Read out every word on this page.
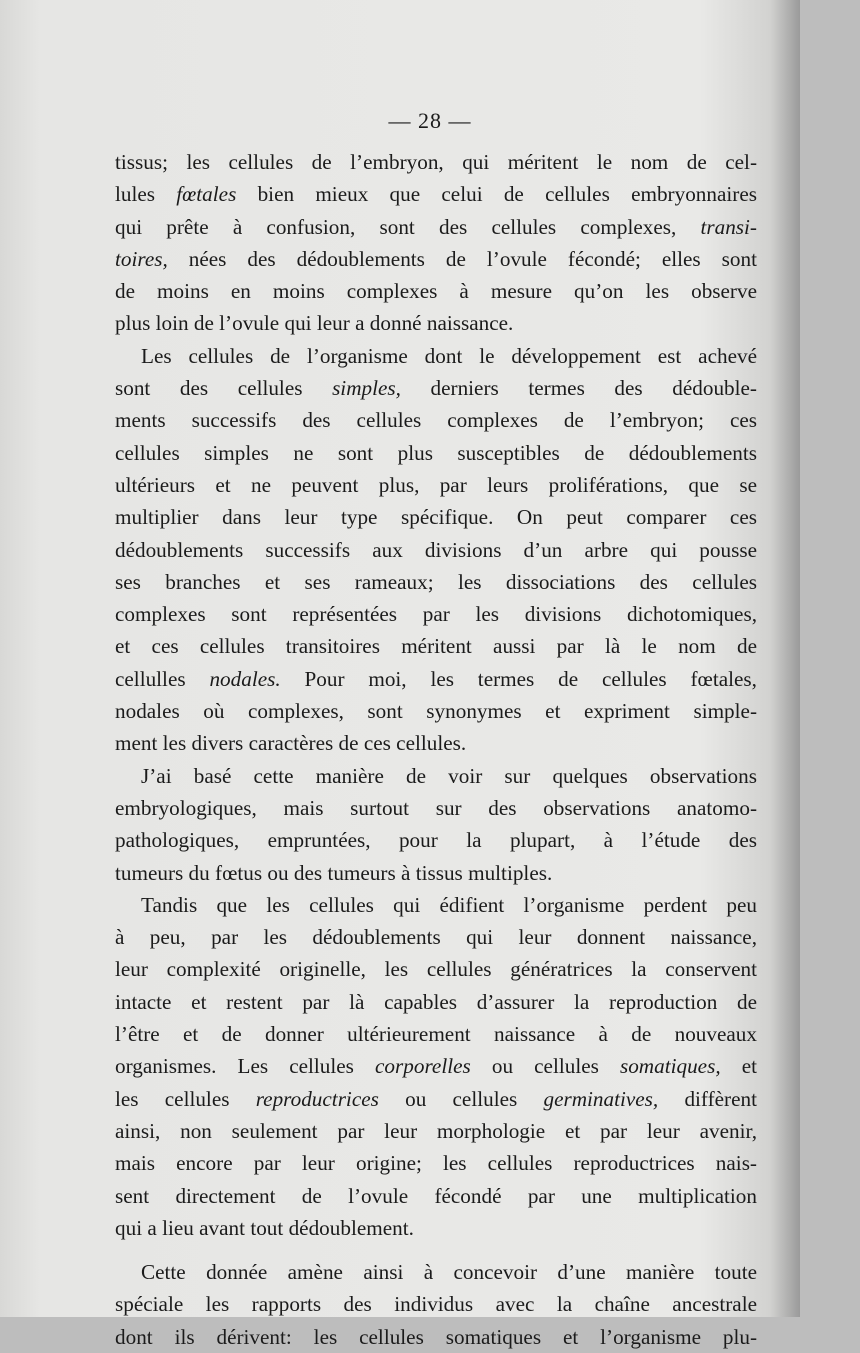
— 28 —
tissus; les cellules de l’embryon, qui méritent le nom de cel-
lules fœtales bien mieux que celui de cellules embryonnaires
qui prête à confusion, sont des cellules complexes, transi-
toires, nées des dédoublements de l’ovule fécondé; elles sont
de moins en moins complexes à mesure qu’on les observe
plus loin de l’ovule qui leur a donné naissance.
Les cellules de l’organisme dont le développement est achevé
sont des cellules simples, derniers termes des dédouble-
ments successifs des cellules complexes de l’embryon; ces
cellules simples ne sont plus susceptibles de dédoublements
ultérieurs et ne peuvent plus, par leurs proliférations, que se
multiplier dans leur type spécifique. On peut comparer ces
dédoublements successifs aux divisions d’un arbre qui pousse
ses branches et ses rameaux; les dissociations des cellules
complexes sont représentées par les divisions dichotomiques,
et ces cellules transitoires méritent aussi par là le nom de
cellulles nodales. Pour moi, les termes de cellules fœtales,
nodales où complexes, sont synonymes et expriment simple-
ment les divers caractères de ces cellules.
J’ai basé cette manière de voir sur quelques observations
embryologiques, mais surtout sur des observations anatomo-
pathologiques, empruntées, pour la plupart, à l’étude des
tumeurs du fœtus ou des tumeurs à tissus multiples.
Tandis que les cellules qui édifient l’organisme perdent peu
à peu, par les dédoublements qui leur donnent naissance,
leur complexité originelle, les cellules génératrices la conservent
intacte et restent par là capables d’assurer la reproduction de
l’être et de donner ultérieurement naissance à de nouveaux
organismes. Les cellules corporelles ou cellules somatiques, et
les cellules reproductrices ou cellules germinatives, diffèrent
ainsi, non seulement par leur morphologie et par leur avenir,
mais encore par leur origine; les cellules reproductrices nais-
sent directement de l’ovule fécondé par une multiplication
qui a lieu avant tout dédoublement.
Cette donnée amène ainsi à concevoir d’une manière toute
spéciale les rapports des individus avec la chaîne ancestrale
dont ils dérivent: les cellules somatiques et l’organisme plu-
